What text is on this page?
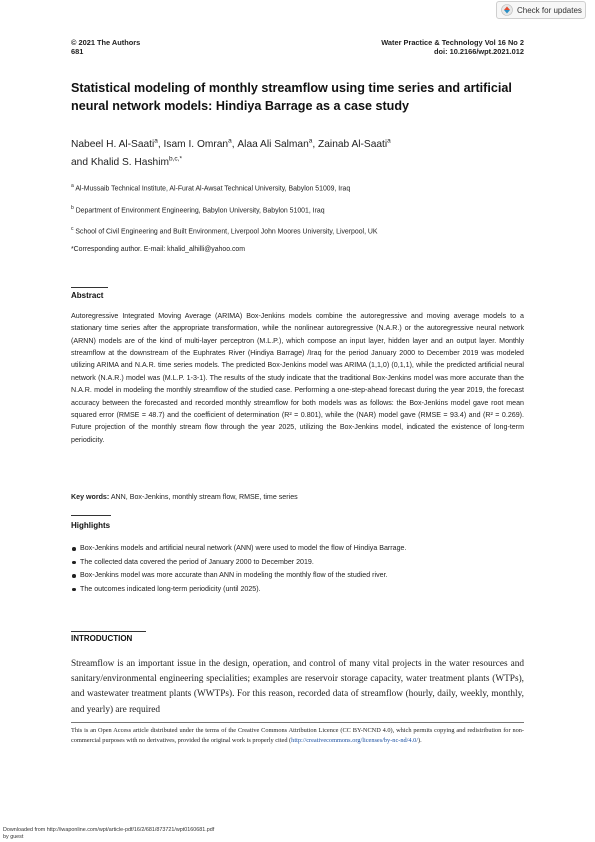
Check for updates
© 2021 The Authors
681
Water Practice & Technology Vol 16 No 2
doi: 10.2166/wpt.2021.012
Statistical modeling of monthly streamflow using time series and artificial neural network models: Hindiya Barrage as a case study
Nabeel H. Al-Saati$^a$, Isam I. Omran$^a$, Alaa Ali Salman$^a$, Zainab Al-Saati$^a$
and Khalid S. Hashim$^{b,c,*}$
$^a$ Al-Mussaib Technical Institute, Al-Furat Al-Awsat Technical University, Babylon 51009, Iraq
$^b$ Department of Environment Engineering, Babylon University, Babylon 51001, Iraq
$^c$ School of Civil Engineering and Built Environment, Liverpool John Moores University, Liverpool, UK
*Corresponding author. E-mail: khalid_alhilli@yahoo.com
Abstract

Autoregressive Integrated Moving Average (ARIMA) Box-Jenkins models combine the autoregressive and moving average models to a stationary time series after the appropriate transformation, while the nonlinear autoregressive (N.A.R.) or the autoregressive neural network (ARNN) models are of the kind of multi-layer perceptron (M.L.P.), which compose an input layer, hidden layer and an output layer. Monthly streamflow at the downstream of the Euphrates River (Hindiya Barrage) /Iraq for the period January 2000 to December 2019 was modeled utilizing ARIMA and N.A.R. time series models. The predicted Box-Jenkins model was ARIMA (1,1,0) (0,1,1), while the predicted artificial neural network (N.A.R.) model was (M.L.P. 1-3-1). The results of the study indicate that the traditional Box-Jenkins model was more accurate than the N.A.R. model in modeling the monthly streamflow of the studied case. Performing a one-step-ahead forecast during the year 2019, the forecast accuracy between the forecasted and recorded monthly streamflow for both models was as follows: the Box-Jenkins model gave root mean squared error (RMSE = 48.7) and the coefficient of determination (R² = 0.801), while the (NAR) model gave (RMSE = 93.4) and (R² = 0.269). Future projection of the monthly stream flow through the year 2025, utilizing the Box-Jenkins model, indicated the existence of long-term periodicity.

Key words: ANN, Box-Jenkins, monthly stream flow, RMSE, time series
Highlights
Box-Jenkins models and artificial neural network (ANN) were used to model the flow of Hindiya Barrage.
The collected data covered the period of January 2000 to December 2019.
Box-Jenkins model was more accurate than ANN in modeling the monthly flow of the studied river.
The outcomes indicated long-term periodicity (until 2025).
INTRODUCTION
Streamflow is an important issue in the design, operation, and control of many vital projects in the water resources and sanitary/environmental engineering specialities; examples are reservoir storage capacity, water treatment plants (WTPs), and wastewater treatment plants (WWTPs). For this reason, recorded data of streamflow (hourly, daily, weekly, monthly, and yearly) are required
This is an Open Access article distributed under the terms of the Creative Commons Attribution Licence (CC BY-NCND 4.0), which permits copying and redistribution for non-commercial purposes with no derivatives, provided the original work is properly cited (http://creativecommons.org/licenses/by-nc-nd/4.0/).
Downloaded from http://iwaponline.com/wpt/article-pdf/16/2/681/873721/wpt0160681.pdf
by guest
